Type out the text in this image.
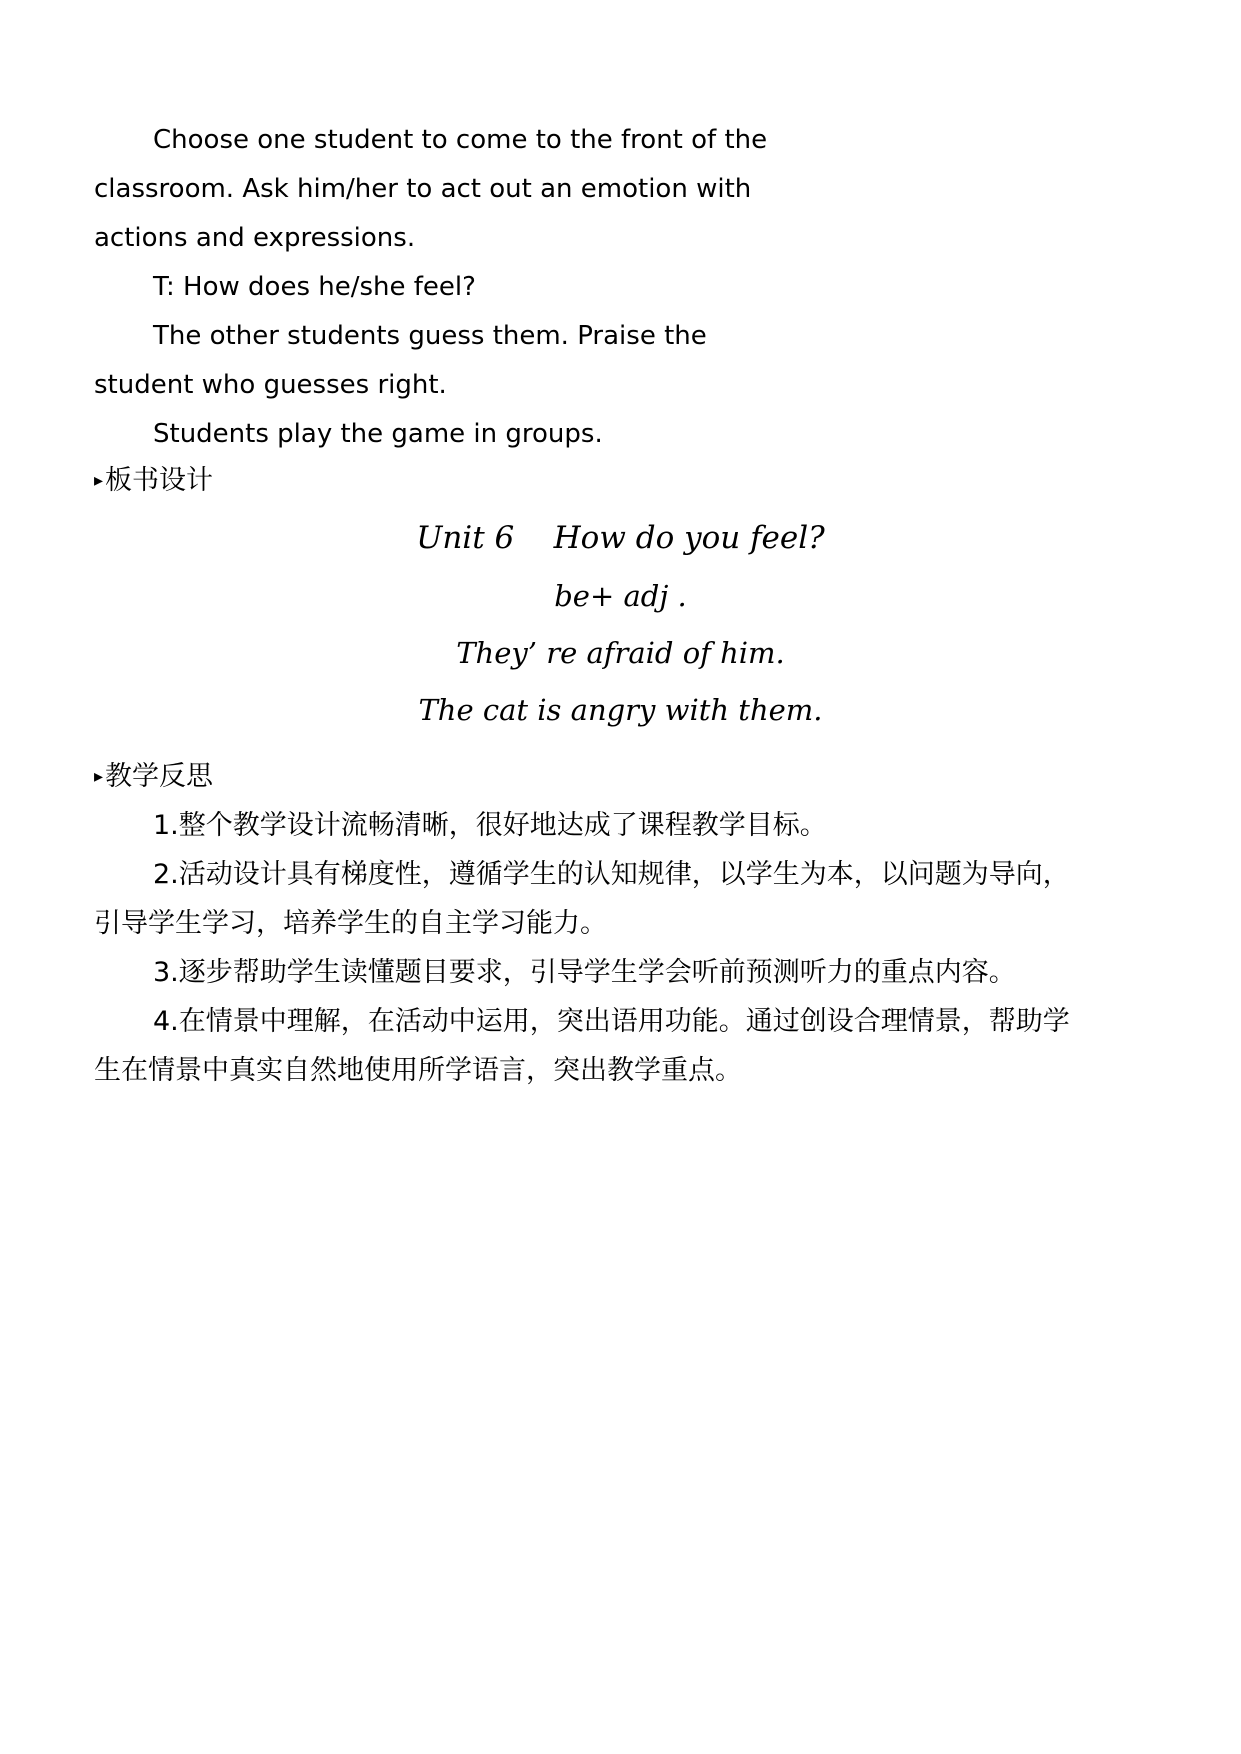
Choose one student to come to the front of the
classroom. Ask him/her to act out an emotion with
actions and expressions.
T: How does he/she feel?
The other students guess them. Praise the
student who guesses right.
Students play the game in groups.
▸板书设计
Unit 6    How do you feel?
be+ adj .
They’ re afraid of him.
The cat is angry with them.
▸教学反思
1.整个教学设计流畅清晰，很好地达成了课程教学目标。
2.活动设计具有梯度性，遵循学生的认知规律，以学生为本，以问题为导向，
引导学生学习，培养学生的自主学习能力。
3.逐步帮助学生读懂题目要求，引导学生学会听前预测听力的重点内容。
4.在情景中理解，在活动中运用，突出语用功能。通过创设合理情景，帮助学
生在情景中真实自然地使用所学语言，突出教学重点。
